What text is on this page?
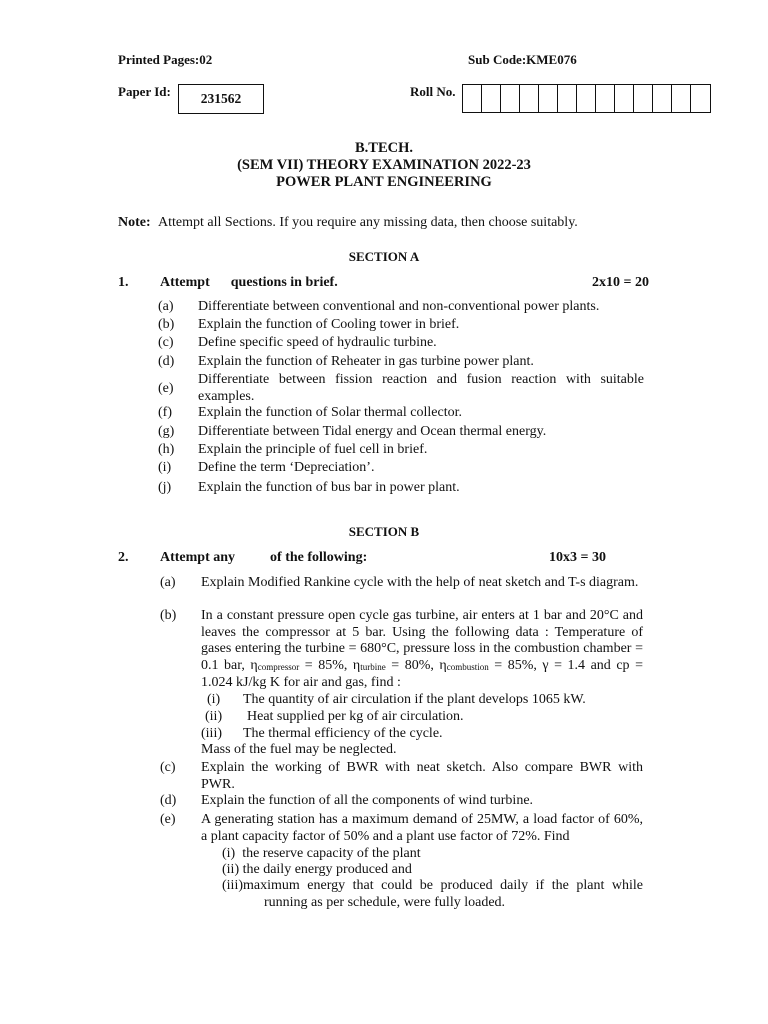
Printed Pages:02	Sub Code:KME076
Paper Id: 231562	Roll No.
B.TECH.
(SEM VII) THEORY EXAMINATION 2022-23
POWER PLANT ENGINEERING
Note: Attempt all Sections. If you require any missing data, then choose suitably.
SECTION A
1. Attempt      questions in brief.	2x10 = 20
(a) Differentiate between conventional and non-conventional power plants.
(b) Explain the function of Cooling tower in brief.
(c) Define specific speed of hydraulic turbine.
(d) Explain the function of Reheater in gas turbine power plant.
(e)
Differentiate between fission reaction and fusion reaction with suitable examples.
(f) Explain the function of Solar thermal collector.
(g) Differentiate between Tidal energy and Ocean thermal energy.
(h) Explain the principle of fuel cell in brief.
(i) Define the term ‘Depreciation’.
(j) Explain the function of bus bar in power plant.
SECTION B
2. Attempt any          of the following:	10x3 = 30
(a) Explain Modified Rankine cycle with the help of neat sketch and T-s diagram.
(b) In a constant pressure open cycle gas turbine, air enters at 1 bar and 20°C and leaves the compressor at 5 bar. Using the following data : Temperature of gases entering the turbine = 680°C, pressure loss in the combustion chamber = 0.1 bar, $\eta_{compressor} = 85\%$, $\eta_{turbine} = 80\%$, $\eta_{combustion} = 85\%$, γ = 1.4 and cp = 1.024 kJ/kg K for air and gas, find :
(i) The quantity of air circulation if the plant develops 1065 kW.
(ii) Heat supplied per kg of air circulation.
(iii) The thermal efficiency of the cycle.
Mass of the fuel may be neglected.
(c) Explain the working of BWR with neat sketch. Also compare BWR with PWR.
(d) Explain the function of all the components of wind turbine.
(e) A generating station has a maximum demand of 25MW, a load factor of 60%, a plant capacity factor of 50% and a plant use factor of 72%. Find
(i)  the reserve capacity of the plant
(ii) the daily energy produced and
(iii)maximum energy that could be produced daily if the plant while
running as per schedule, were fully loaded.
